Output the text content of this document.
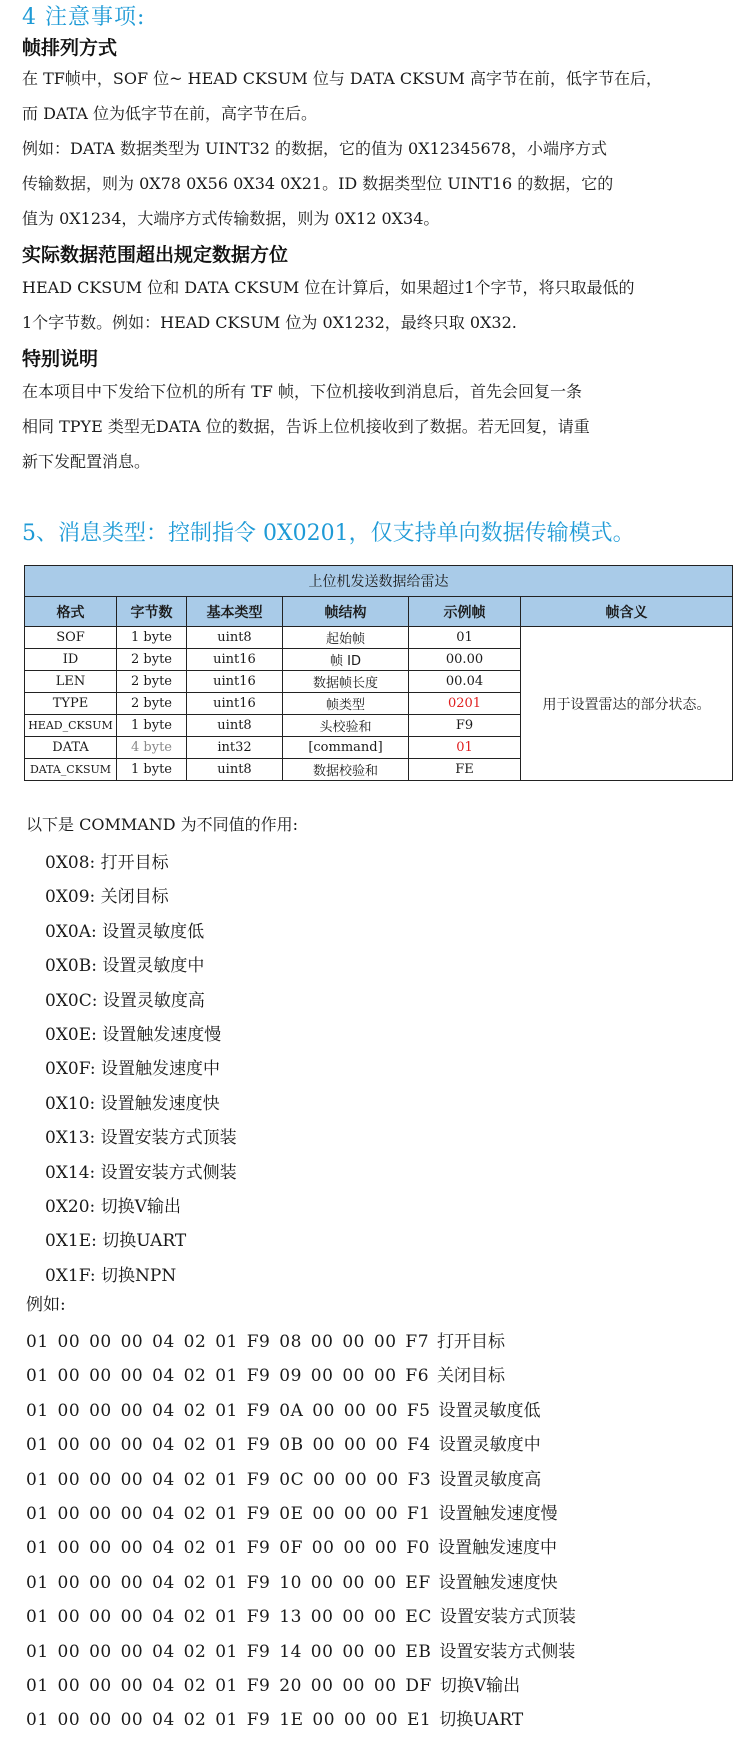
4 注意事项:
帧排列方式

在 TF帧中，SOF 位~ HEAD CKSUM 位与 DATA CKSUM 高字节在前，低字节在后，

而 DATA 位为低字节在前，高字节在后。

例如：DATA 数据类型为 UINT32 的数据，它的值为 0X12345678，小端序方式

传输数据，则为 0X78 0X56 0X34 0X21。ID 数据类型位 UINT16 的数据，它的

值为 0X1234，大端序方式传输数据，则为 0X12 0X34。

实际数据范围超出规定数据方位

HEAD CKSUM 位和 DATA CKSUM 位在计算后，如果超过1个字节，将只取最低的

1个字节数。例如：HEAD CKSUM 位为 0X1232，最终只取 0X32.

特别说明

在本项目中下发给下位机的所有 TF 帧，下位机接收到消息后，首先会回复一条

相同 TPYE 类型无DATA 位的数据，告诉上位机接收到了数据。若无回复，请重

新下发配置消息。

5、消息类型：控制指令 0X0201，仅支持单向数据传输模式。
上位机发送数据给雷达					
格式	字节数	基本类型	帧结构	示例帧	帧含义
SOF	1 byte	uint8	起始帧	01	用于设置雷达的部分状态。
ID	2 byte	uint16	帧 ID	00.00	
LEN	2 byte	uint16	数据帧长度	00.04	
TYPE	2 byte	uint16	帧类型	0201	
HEAD_CKSUM	1 byte	uint8	头校验和	F9	
DATA	4 byte	int32	[command]	01	
DATA_CKSUM	1 byte	uint8	数据校验和	FE	

以下是 COMMAND 为不同值的作用:

0X08: 打开目标
0X09: 关闭目标
0X0A: 设置灵敏度低
0X0B: 设置灵敏度中
0X0C: 设置灵敏度高
0X0E: 设置触发速度慢
0X0F: 设置触发速度中
0X10: 设置触发速度快
0X13: 设置安装方式顶装
0X14: 设置安装方式侧装
0X20: 切换V输出
0X1E: 切换UART
0X1F: 切换NPN

例如:

01 00 00 00 04 02 01 F9 08 00 00 00 F7 打开目标
01 00 00 00 04 02 01 F9 09 00 00 00 F6 关闭目标
01 00 00 00 04 02 01 F9 0A 00 00 00 F5 设置灵敏度低
01 00 00 00 04 02 01 F9 0B 00 00 00 F4 设置灵敏度中
01 00 00 00 04 02 01 F9 0C 00 00 00 F3 设置灵敏度高
01 00 00 00 04 02 01 F9 0E 00 00 00 F1 设置触发速度慢
01 00 00 00 04 02 01 F9 0F 00 00 00 F0 设置触发速度中
01 00 00 00 04 02 01 F9 10 00 00 00 EF 设置触发速度快
01 00 00 00 04 02 01 F9 13 00 00 00 EC 设置安装方式顶装
01 00 00 00 04 02 01 F9 14 00 00 00 EB 设置安装方式侧装
01 00 00 00 04 02 01 F9 20 00 00 00 DF 切换V输出
01 00 00 00 04 02 01 F9 1E 00 00 00 E1 切换UART
